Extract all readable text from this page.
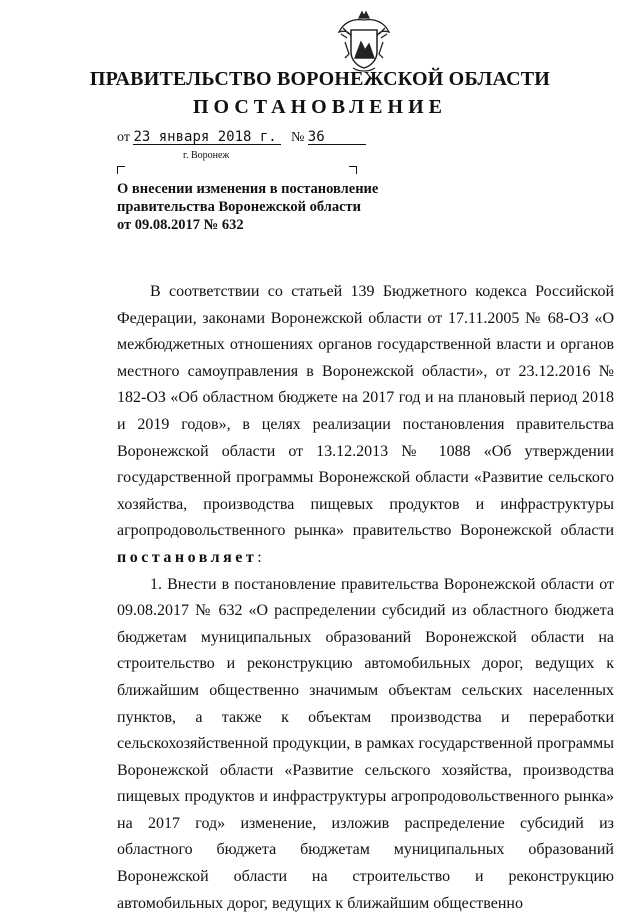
ПРАВИТЕЛЬСТВО ВОРОНЕЖСКОЙ ОБЛАСТИ
ПОСТАНОВЛЕНИЕ
от 23 января 2018 г. № 36
г. Воронеж
О внесении изменения в постановление
правительства Воронежской области
от 09.08.2017 № 632

В соответствии со статьей 139 Бюджетного кодекса Российской Федерации, законами Воронежской области от 17.11.2005 № 68-ОЗ «О межбюджетных отношениях органов государственной власти и органов местного самоуправления в Воронежской области», от 23.12.2016 № 182-ОЗ «Об областном бюджете на 2017 год и на плановый период 2018 и 2019 годов», в целях реализации постановления правительства Воронежской области от 13.12.2013 № 1088 «Об утверждении государственной программы Воронежской области «Развитие сельского хозяйства, производства пищевых продуктов и инфраструктуры агропродовольственного рынка» правительство Воронежской области постановляет:

1. Внести в постановление правительства Воронежской области от 09.08.2017 № 632 «О распределении субсидий из областного бюджета бюджетам муниципальных образований Воронежской области на строительство и реконструкцию автомобильных дорог, ведущих к ближайшим общественно значимым объектам сельских населенных пунктов, а также к объектам производства и переработки сельскохозяйственной продукции, в рамках государственной программы Воронежской области «Развитие сельского хозяйства, производства пищевых продуктов и инфраструктуры агропродовольственного рынка» на 2017 год» изменение, изложив распределение субсидий из областного бюджета бюджетам муниципальных образований Воронежской области на строительство и реконструкцию автомобильных дорог, ведущих к ближайшим общественно
